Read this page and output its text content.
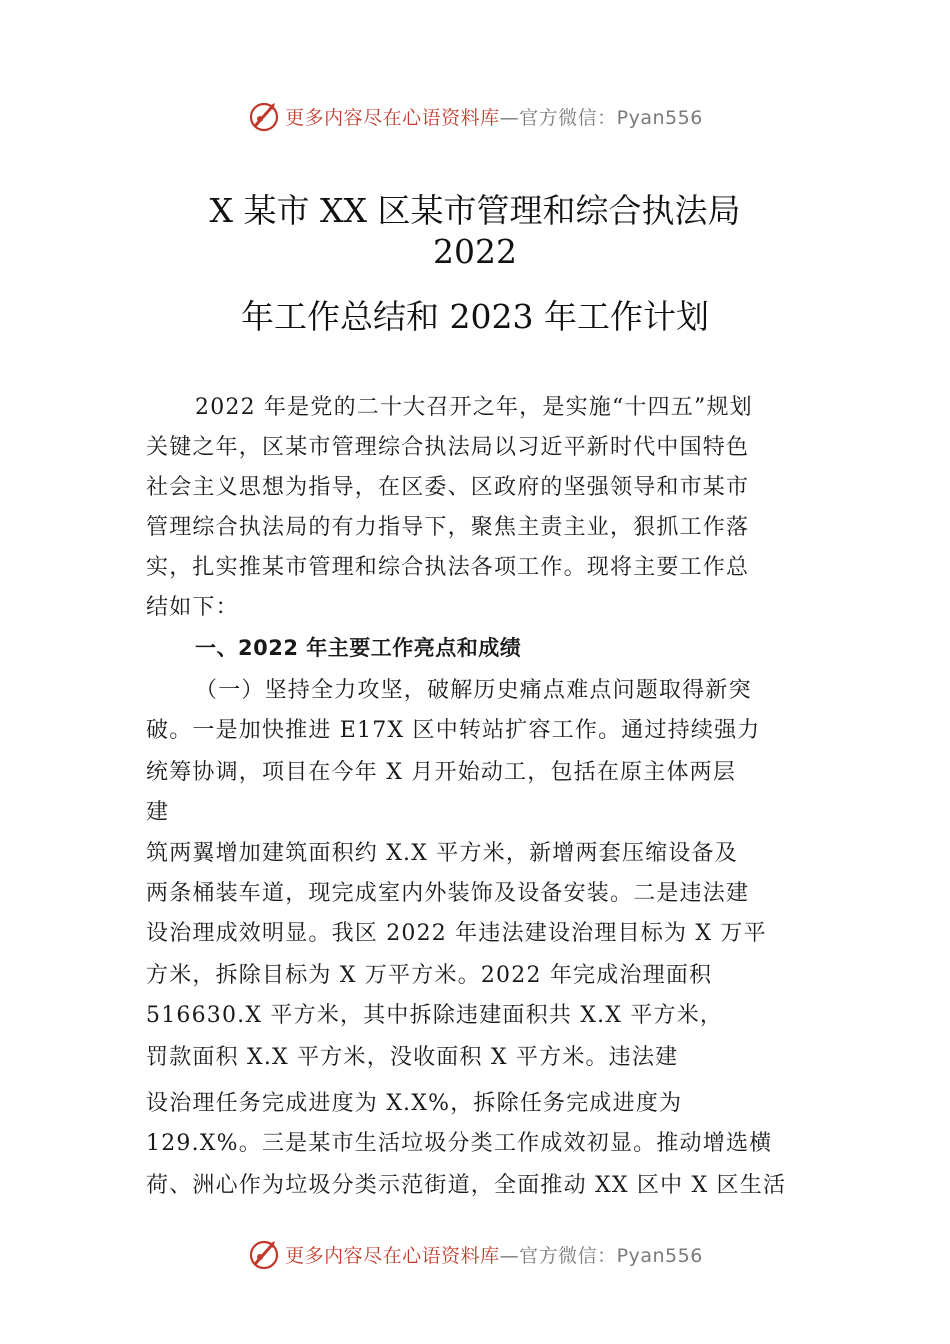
更多内容尽在心语资料库—官方微信：Pyan556
X 某市 XX 区某市管理和综合执法局
2022
年工作总结和 2023 年工作计划
2022 年是党的二十大召开之年，是实施“十四五”规划
关键之年，区某市管理综合执法局以习近平新时代中国特色
社会主义思想为指导，在区委、区政府的坚强领导和市某市
管理综合执法局的有力指导下，聚焦主责主业，狠抓工作落
实，扎实推某市管理和综合执法各项工作。现将主要工作总
结如下：
一、2022 年主要工作亮点和成绩
（一）坚持全力攻坚，破解历史痛点难点问题取得新突
破。一是加快推进 E17X 区中转站扩容工作。通过持续强力
统筹协调，项目在今年 X 月开始动工，包括在原主体两层
建
筑两翼增加建筑面积约 X.X 平方米，新增两套压缩设备及
两条桶装车道，现完成室内外装饰及设备安装。二是违法建
设治理成效明显。我区 2022 年违法建设治理目标为 X 万平
方米，拆除目标为 X 万平方米。2022 年完成治理面积
516630.X 平方米，其中拆除违建面积共 X.X 平方米，
罚款面积 X.X 平方米，没收面积 X 平方米。违法建
设治理任务完成进度为 X.X%，拆除任务完成进度为
129.X%。三是某市生活垃圾分类工作成效初显。推动增选横
荷、洲心作为垃圾分类示范街道，全面推动 XX 区中 X 区生活
更多内容尽在心语资料库—官方微信：Pyan556
